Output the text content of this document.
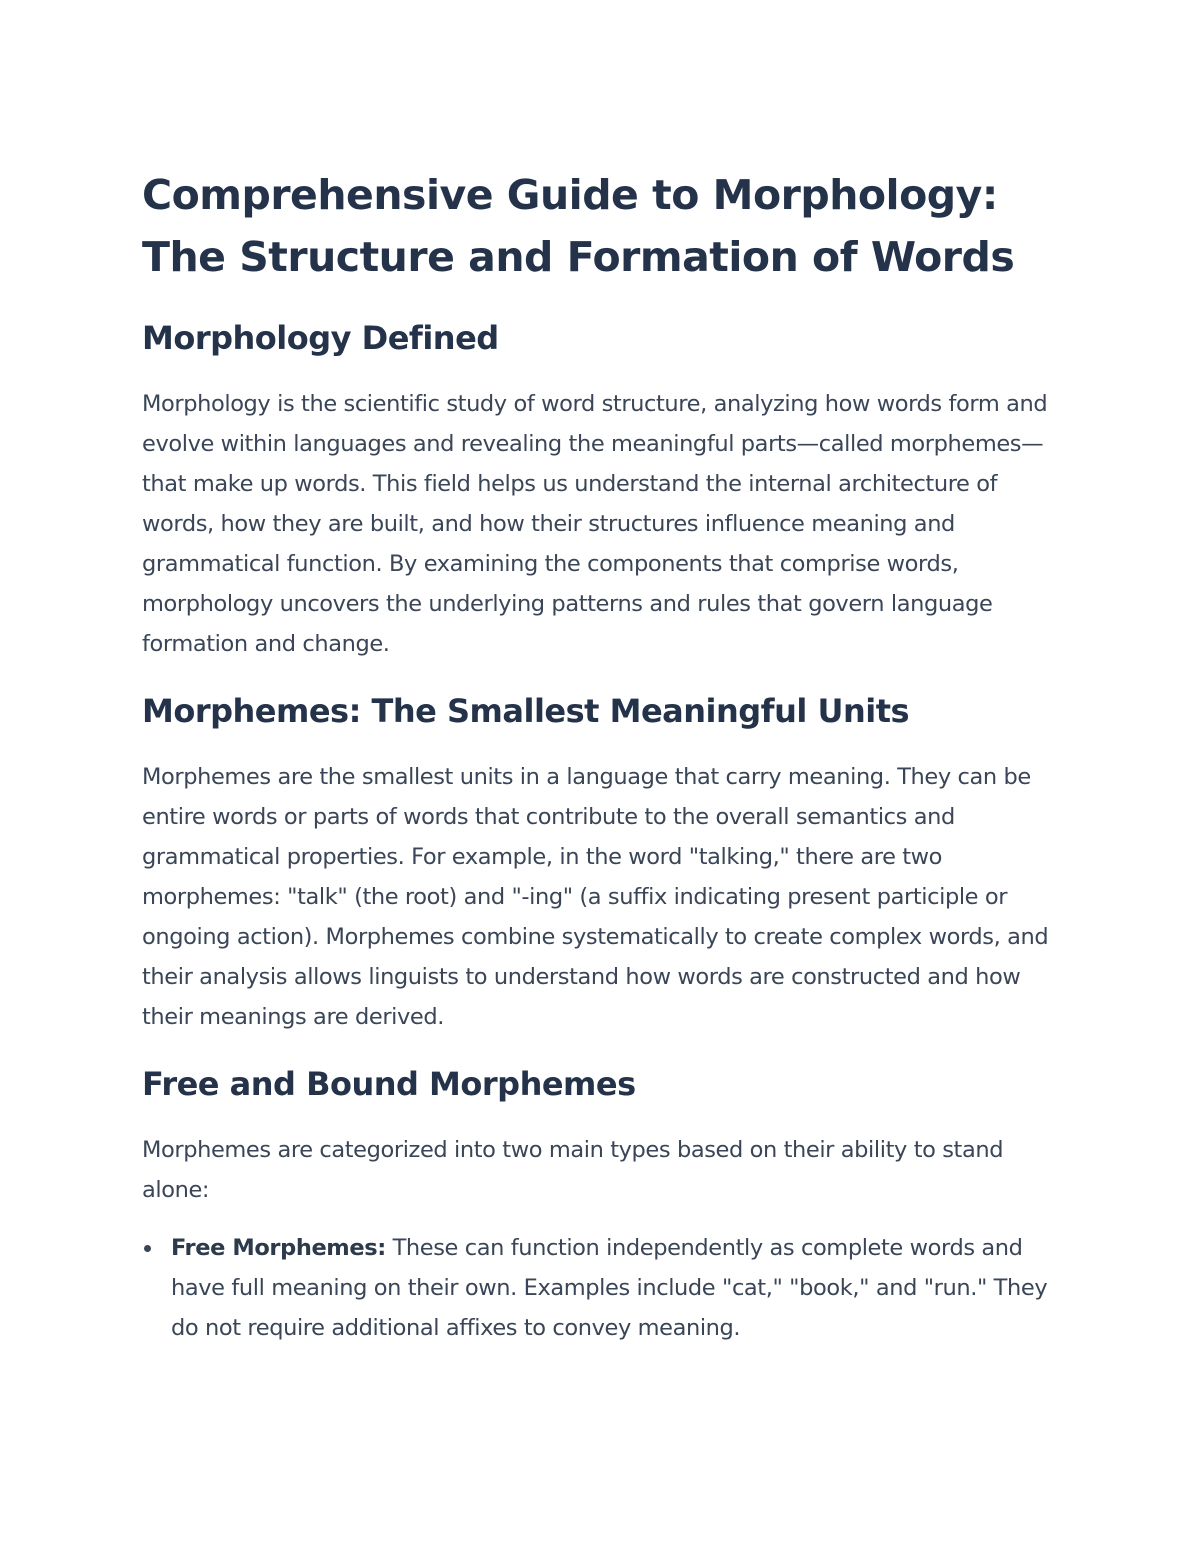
Comprehensive Guide to Morphology: The Structure and Formation of Words
Morphology Defined

Morphology is the scientific study of word structure, analyzing how words form and evolve within languages and revealing the meaningful parts—called morphemes—that make up words. This field helps us understand the internal architecture of words, how they are built, and how their structures influence meaning and grammatical function. By examining the components that comprise words, morphology uncovers the underlying patterns and rules that govern language formation and change.

Morphemes: The Smallest Meaningful Units

Morphemes are the smallest units in a language that carry meaning. They can be entire words or parts of words that contribute to the overall semantics and grammatical properties. For example, in the word "talking," there are two morphemes: "talk" (the root) and "-ing" (a suffix indicating present participle or ongoing action). Morphemes combine systematically to create complex words, and their analysis allows linguists to understand how words are constructed and how their meanings are derived.

Free and Bound Morphemes

Morphemes are categorized into two main types based on their ability to stand alone:

Free Morphemes: These can function independently as complete words and have full meaning on their own. Examples include "cat," "book," and "run." They do not require additional affixes to convey meaning.
